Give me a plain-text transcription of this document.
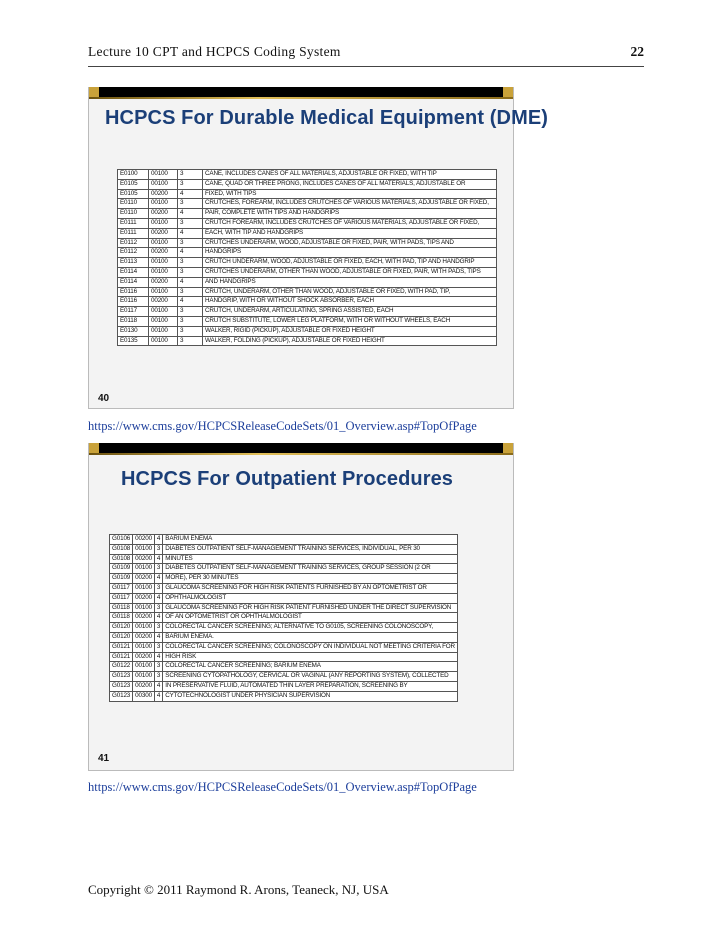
Lecture 10 CPT and HCPCS Coding System	22
HCPCS For Durable Medical Equipment (DME)
E0100	00100	3	CANE, INCLUDES CANES OF ALL MATERIALS, ADJUSTABLE OR FIXED, WITH TIP
E0105	00100	3	CANE, QUAD OR THREE PRONG, INCLUDES CANES OF ALL MATERIALS, ADJUSTABLE OR
E0105	00200	4	FIXED, WITH TIPS
E0110	00100	3	CRUTCHES, FOREARM, INCLUDES CRUTCHES OF VARIOUS MATERIALS, ADJUSTABLE OR FIXED,
E0110	00200	4	PAIR, COMPLETE WITH TIPS AND HANDGRIPS
E0111	00100	3	CRUTCH FOREARM, INCLUDES CRUTCHES OF VARIOUS MATERIALS, ADJUSTABLE OR FIXED,
E0111	00200	4	EACH, WITH TIP AND HANDGRIPS
E0112	00100	3	CRUTCHES UNDERARM, WOOD, ADJUSTABLE OR FIXED, PAIR, WITH PADS, TIPS AND
E0112	00200	4	HANDGRIPS
E0113	00100	3	CRUTCH UNDERARM, WOOD, ADJUSTABLE OR FIXED, EACH, WITH PAD, TIP AND HANDGRIP
E0114	00100	3	CRUTCHES UNDERARM, OTHER THAN WOOD, ADJUSTABLE OR FIXED, PAIR, WITH PADS, TIPS
E0114	00200	4	AND HANDGRIPS
E0116	00100	3	CRUTCH, UNDERARM, OTHER THAN WOOD, ADJUSTABLE OR FIXED, WITH PAD, TIP,
E0116	00200	4	HANDGRIP, WITH OR WITHOUT SHOCK ABSORBER, EACH
E0117	00100	3	CRUTCH, UNDERARM, ARTICULATING, SPRING ASSISTED, EACH
E0118	00100	3	CRUTCH SUBSTITUTE, LOWER LEG PLATFORM, WITH OR WITHOUT WHEELS, EACH
E0130	00100	3	WALKER, RIGID (PICKUP), ADJUSTABLE OR FIXED HEIGHT
E0135	00100	3	WALKER, FOLDING (PICKUP), ADJUSTABLE OR FIXED HEIGHT
40
https://www.cms.gov/HCPCSReleaseCodeSets/01_Overview.asp#TopOfPage
HCPCS For Outpatient Procedures
G0106	00200	4	BARIUM ENEMA
G0108	00100	3	DIABETES OUTPATIENT SELF-MANAGEMENT TRAINING SERVICES, INDIVIDUAL, PER 30
G0108	00200	4	MINUTES
G0109	00100	3	DIABETES OUTPATIENT SELF-MANAGEMENT TRAINING SERVICES, GROUP SESSION (2 OR
G0109	00200	4	MORE), PER 30 MINUTES
G0117	00100	3	GLAUCOMA SCREENING FOR HIGH RISK PATIENTS FURNISHED BY AN OPTOMETRIST OR
G0117	00200	4	OPHTHALMOLOGIST
G0118	00100	3	GLAUCOMA SCREENING FOR HIGH RISK PATIENT FURNISHED UNDER THE DIRECT SUPERVISION
G0118	00200	4	OF AN OPTOMETRIST OR OPHTHALMOLOGIST
G0120	00100	3	COLORECTAL CANCER SCREENING; ALTERNATIVE TO G0105, SCREENING COLONOSCOPY,
G0120	00200	4	BARIUM ENEMA.
G0121	00100	3	COLORECTAL CANCER SCREENING; COLONOSCOPY ON INDIVIDUAL NOT MEETING CRITERIA FOR
G0121	00200	4	HIGH RISK
G0122	00100	3	COLORECTAL CANCER SCREENING; BARIUM ENEMA
G0123	00100	3	SCREENING CYTOPATHOLOGY, CERVICAL OR VAGINAL (ANY REPORTING SYSTEM), COLLECTED
G0123	00200	4	IN PRESERVATIVE FLUID, AUTOMATED THIN LAYER PREPARATION, SCREENING BY
G0123	00300	4	CYTOTECHNOLOGIST UNDER PHYSICIAN SUPERVISION
41
https://www.cms.gov/HCPCSReleaseCodeSets/01_Overview.asp#TopOfPage
Copyright © 2011 Raymond R. Arons, Teaneck, NJ, USA
